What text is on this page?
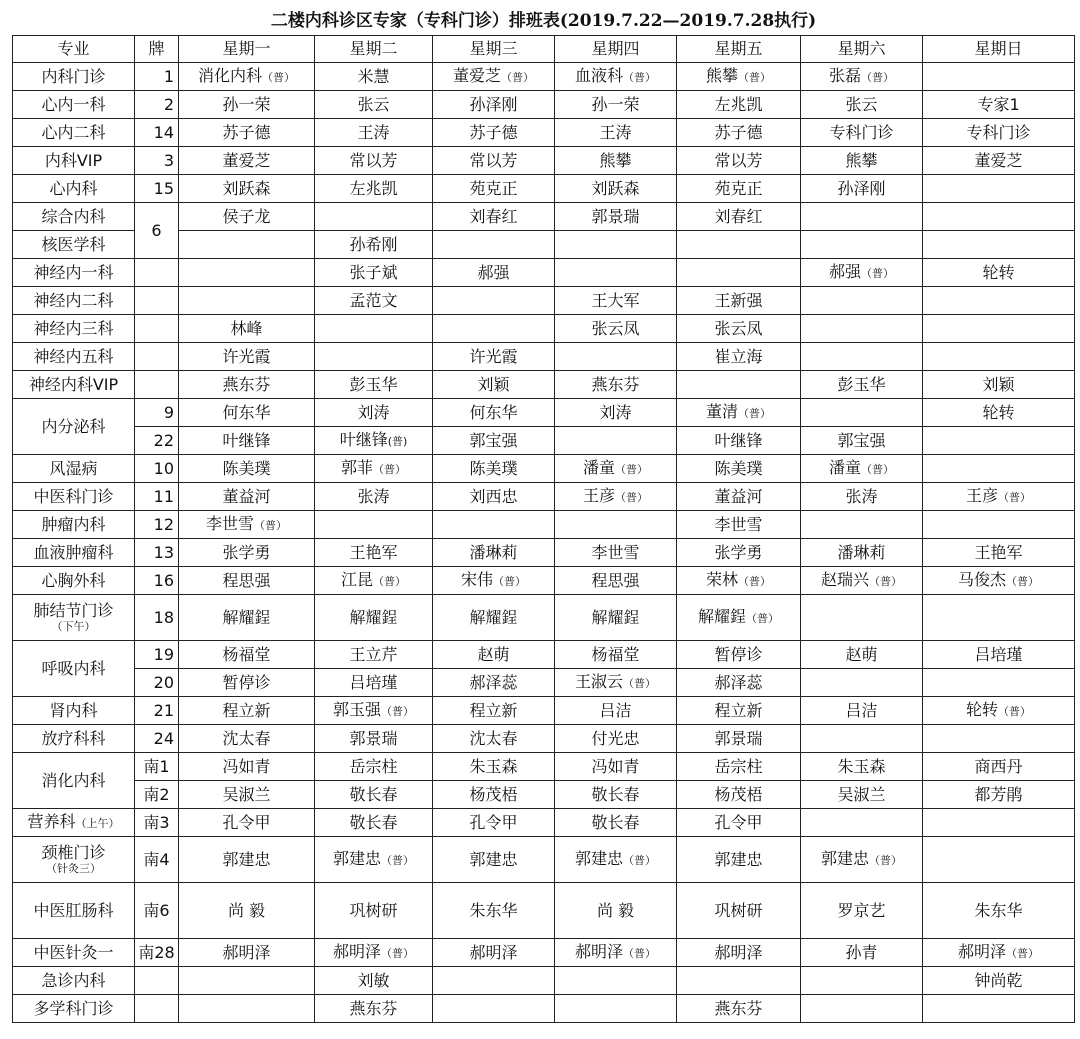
二楼内科诊区专家（专科门诊）排班表(2019.7.22—2019.7.28执行)								
专业	牌	星期一	星期二	星期三	星期四	星期五	星期六	星期日
内科门诊	1	消化内科（普）	米慧	董爱芝（普）	血液科（普）	熊攀（普）	张磊（普）	
心内一科	2	孙一荣	张云	孙泽刚	孙一荣	左兆凯	张云	专家1
心内二科	14	苏子德	王涛	苏子德	王涛	苏子德	专科门诊	专科门诊
内科VIP	3	董爱芝	常以芳	常以芳	熊攀	常以芳	熊攀	董爱芝
心内科	15	刘跃森	左兆凯	苑克正	刘跃森	苑克正	孙泽刚	
综合内科	6	侯子龙		刘春红	郭景瑞	刘春红		
核医学科			孙希刚					
神经内一科			张子斌	郝强			郝强（普）	轮转
神经内二科			孟范文		王大军	王新强		
神经内三科		林峰			张云凤	张云凤		
神经内五科		许光霞		许光霞		崔立海		
神经内科VIP		燕东芬	彭玉华	刘颖	燕东芬		彭玉华	刘颖
内分泌科	9	何东华	刘涛	何东华	刘涛	董清（普）		轮转
	22	叶继锋	叶继锋(普)	郭宝强		叶继锋	郭宝强	
风湿病	10	陈美璞	郭菲（普）	陈美璞	潘童（普）	陈美璞	潘童（普）	
中医科门诊	11	董益河	张涛	刘西忠	王彦（普）	董益河	张涛	王彦（普）
肿瘤内科	12	李世雪（普）				李世雪		
血液肿瘤科	13	张学勇	王艳军	潘琳莉	李世雪	张学勇	潘琳莉	王艳军
心胸外科	16	程思强	江昆（普）	宋伟（普）	程思强	荣林（普）	赵瑞兴（普）	马俊杰（普）
肺结节门诊
（下午）	18	解耀鋥	解耀鋥	解耀鋥	解耀鋥	解耀鋥（普）		
呼吸内科	19	杨福堂	王立芹	赵萌	杨福堂	暂停诊	赵萌	吕培瑾
	20	暂停诊	吕培瑾	郝泽蕊	王淑云（普）	郝泽蕊		
肾内科	21	程立新	郭玉强（普）	程立新	吕洁	程立新	吕洁	轮转（普）
放疗科科	24	沈太春	郭景瑞	沈太春	付光忠	郭景瑞		
消化内科	南1	冯如青	岳宗柱	朱玉森	冯如青	岳宗柱	朱玉森	商西丹
	南2	吴淑兰	敬长春	杨茂梧	敬长春	杨茂梧	吴淑兰	都芳鹃
营养科（上午）	南3	孔令甲	敬长春	孔令甲	敬长春	孔令甲		
颈椎门诊
（针灸三）	南4	郭建忠	郭建忠（普）	郭建忠	郭建忠（普）	郭建忠	郭建忠（普）	
中医肛肠科	南6	尚 毅	巩树研	朱东华	尚 毅	巩树研	罗京艺	朱东华
中医针灸一	南28	郝明泽	郝明泽（普）	郝明泽	郝明泽（普）	郝明泽	孙青	郝明泽（普）
急诊内科			刘敏					钟尚乾
多学科门诊			燕东芬			燕东芬		
